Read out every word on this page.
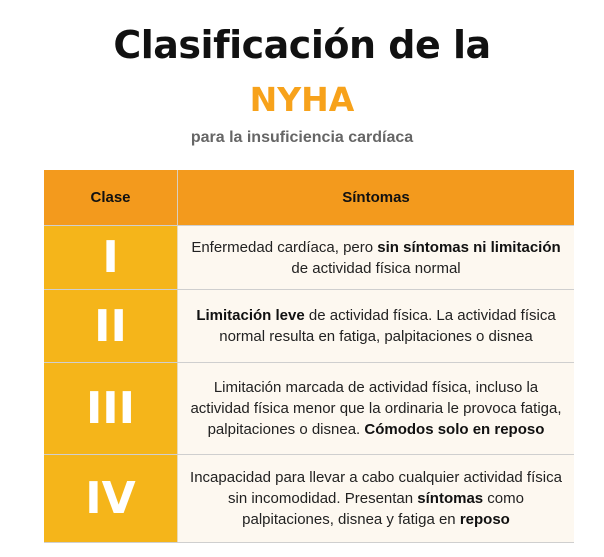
Clasificación de la
NYHA
para la insuficiencia cardíaca
Clase	Síntomas
I	Enfermedad cardíaca, pero sin síntomas ni limitación de actividad física normal
II	Limitación leve de actividad física. La actividad física normal resulta en fatiga, palpitaciones o disnea
III	Limitación marcada de actividad física, incluso la actividad física menor que la ordinaria le provoca fatiga, palpitaciones o disnea. Cómodos solo en reposo
IV	Incapacidad para llevar a cabo cualquier actividad física sin incomodidad. Presentan síntomas como palpitaciones, disnea y fatiga en reposo
